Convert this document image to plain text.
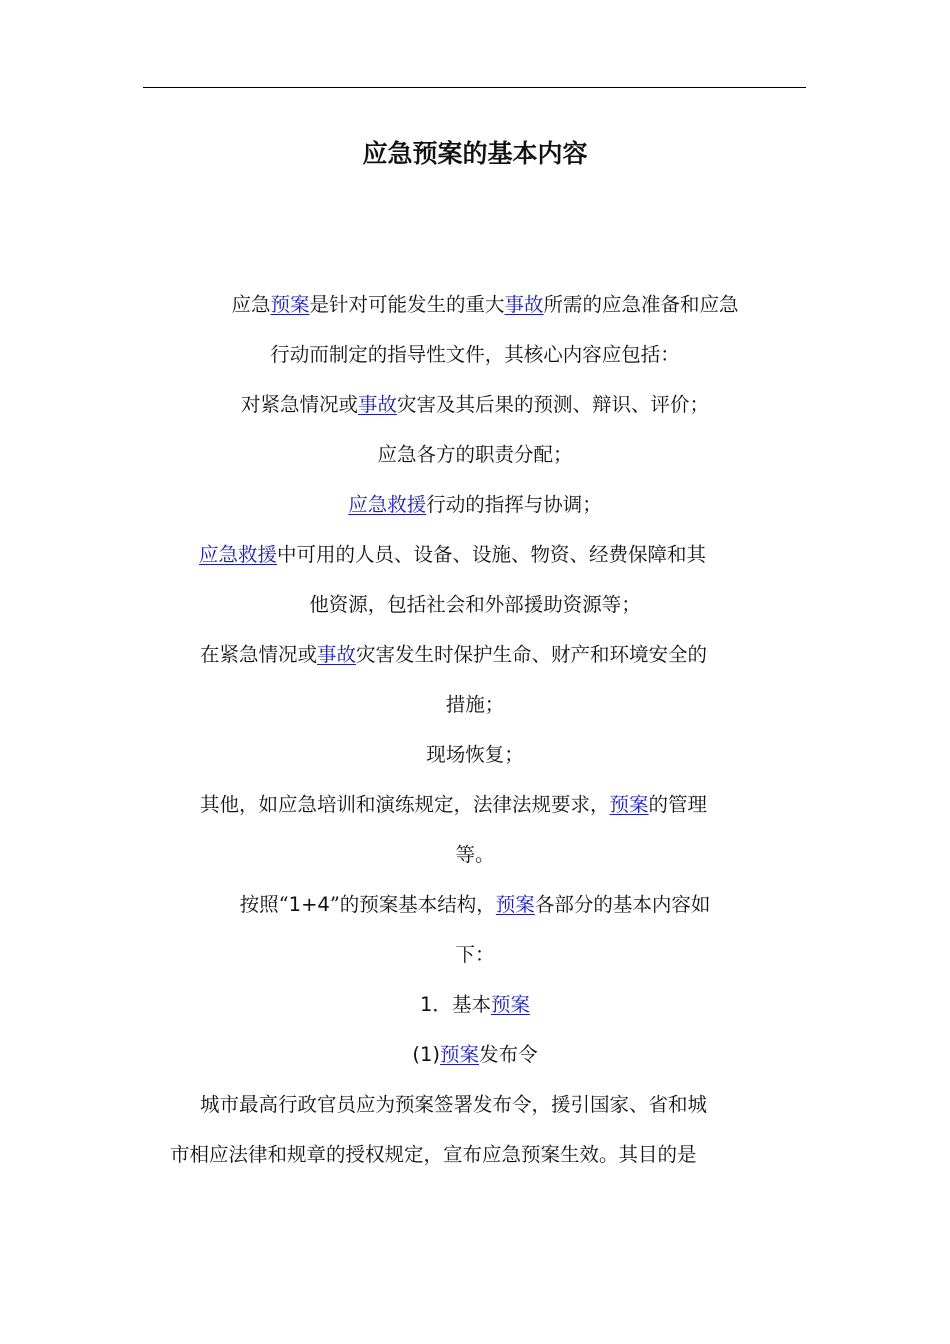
应急预案的基本内容
应急预案是针对可能发生的重大事故所需的应急准备和应急
行动而制定的指导性文件，其核心内容应包括：
对紧急情况或事故灾害及其后果的预测、辩识、评价；
应急各方的职责分配；
应急救援行动的指挥与协调；
应急救援中可用的人员、设备、设施、物资、经费保障和其
他资源，包括社会和外部援助资源等；
在紧急情况或事故灾害发生时保护生命、财产和环境安全的
措施；
现场恢复；
其他，如应急培训和演练规定，法律法规要求，预案的管理
等。
按照“1+4”的预案基本结构，预案各部分的基本内容如
下：
1．基本预案
(1)预案发布令
城市最高行政官员应为预案签署发布令，援引国家、省和城
市相应法律和规章的授权规定，宣布应急预案生效。其目的是
